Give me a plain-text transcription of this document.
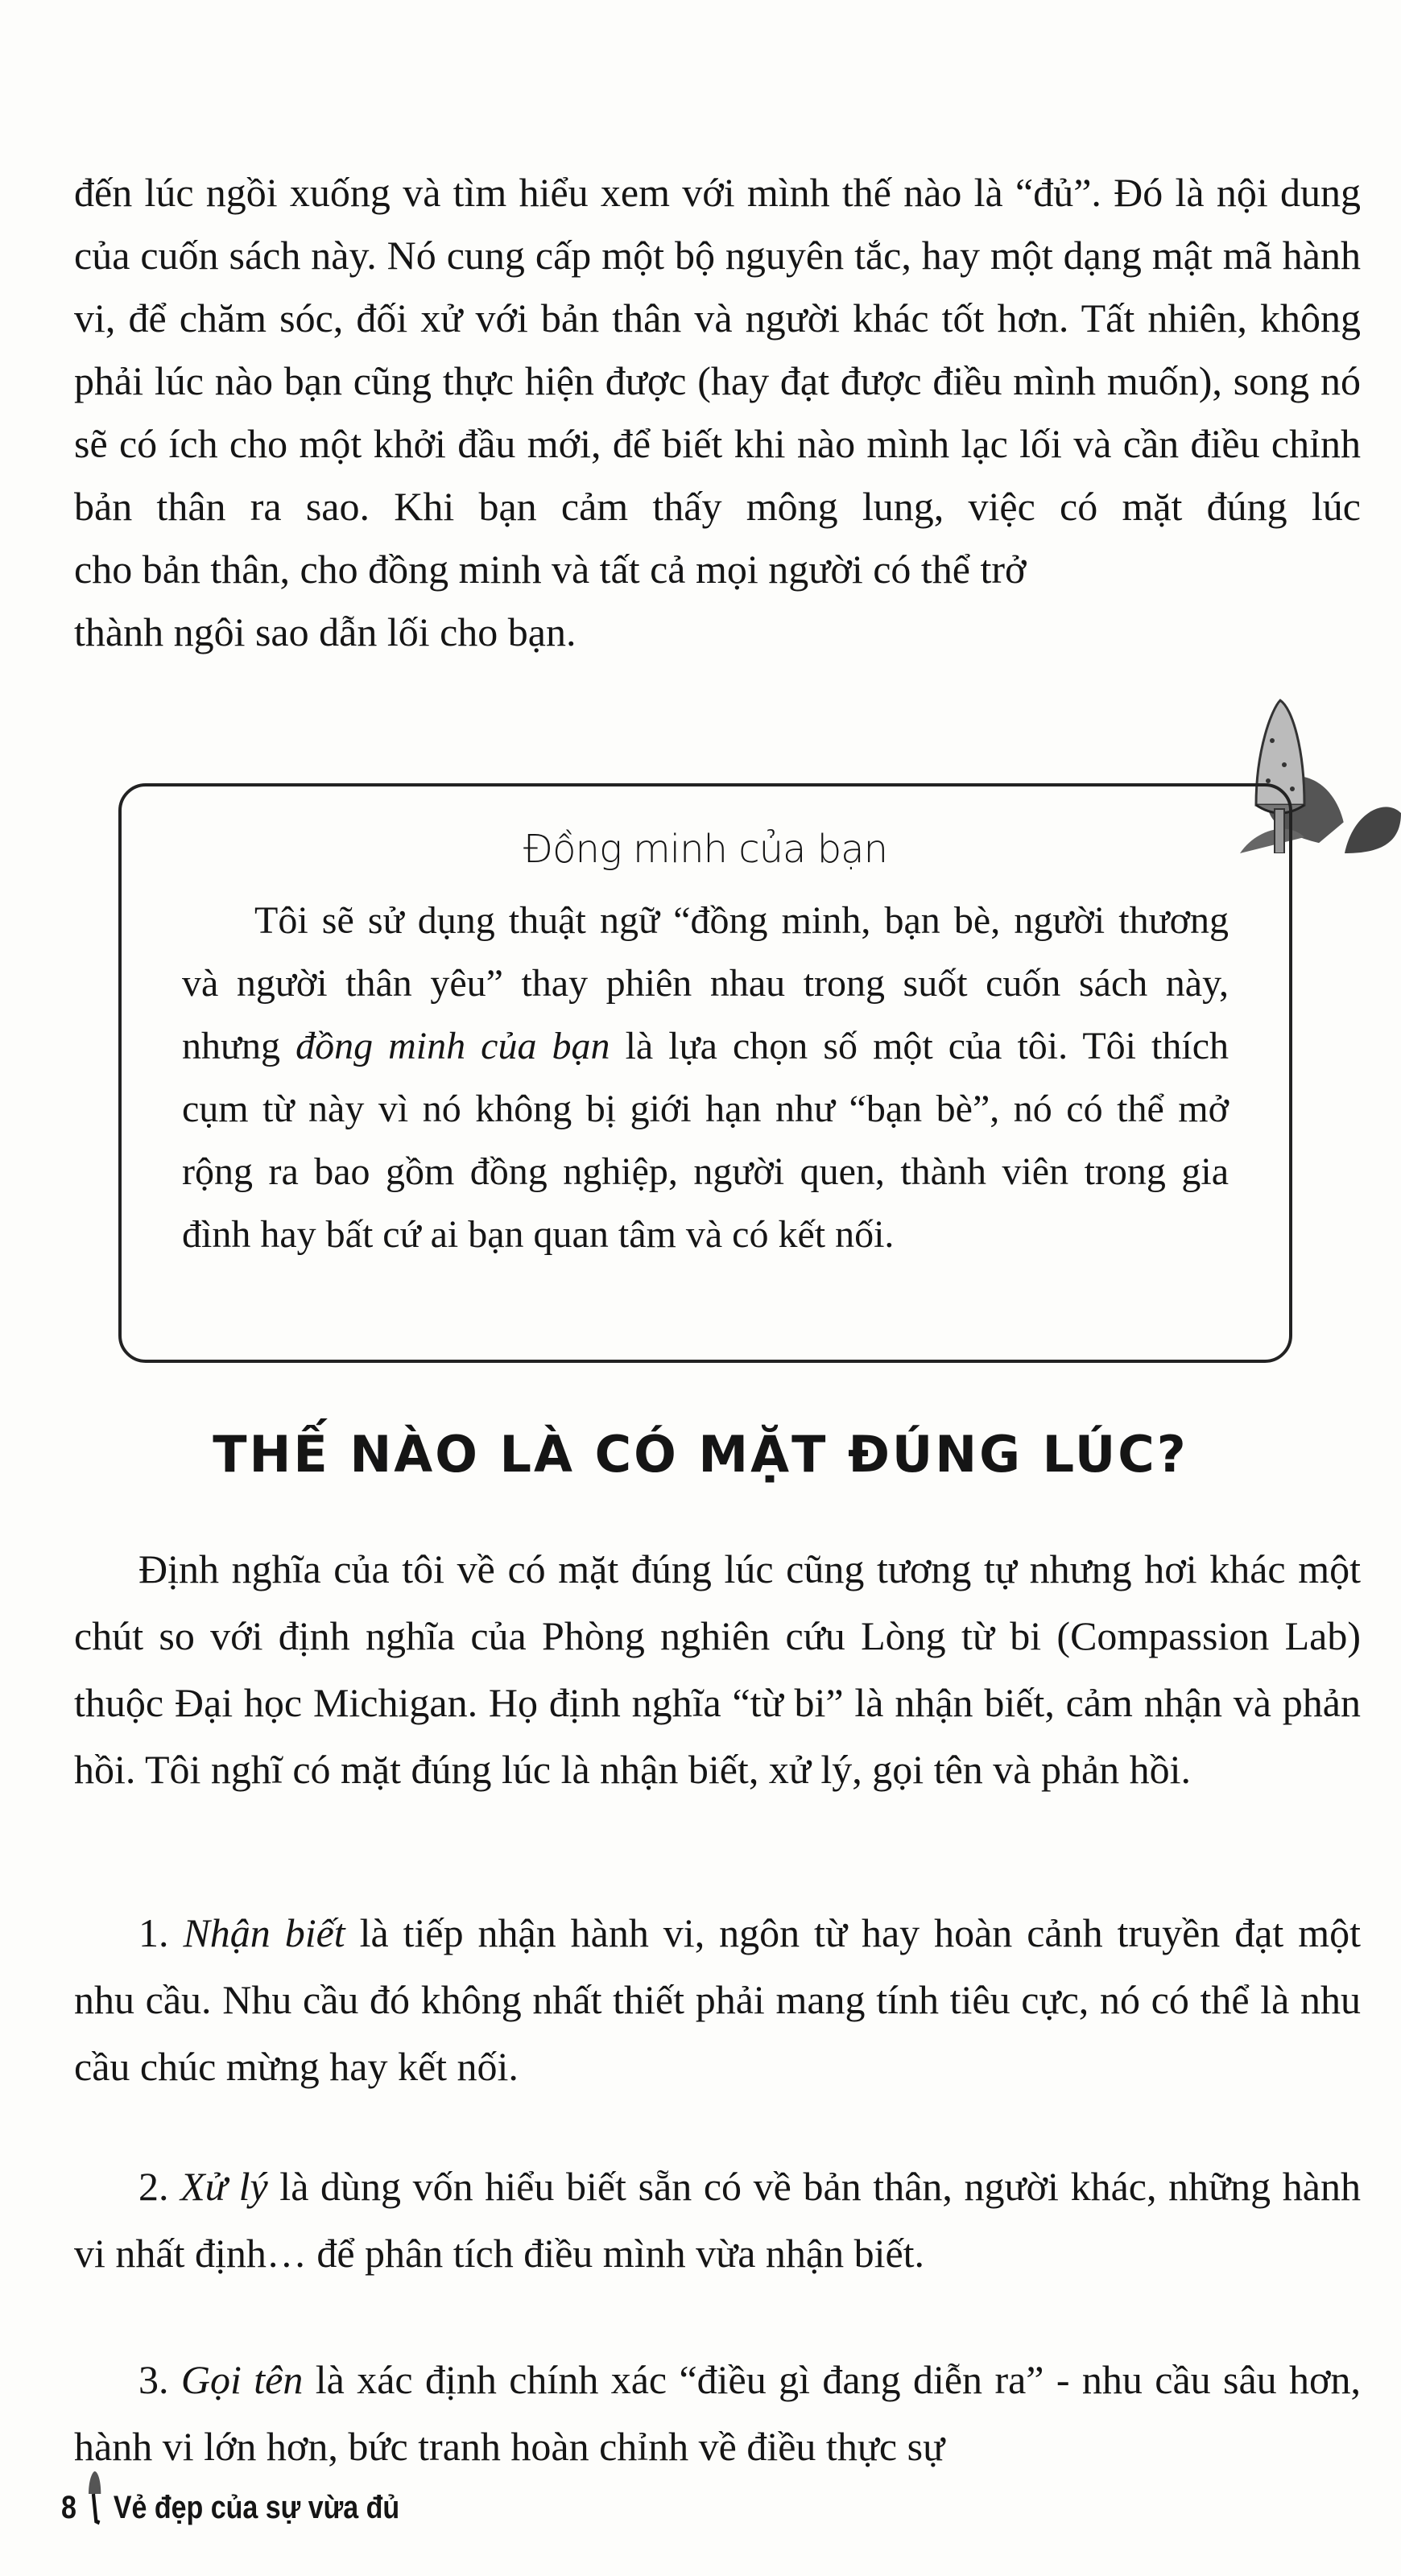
đến lúc ngồi xuống và tìm hiểu xem với mình thế nào là “đủ”. Đó là nội dung của cuốn sách này. Nó cung cấp một bộ nguyên tắc, hay một dạng mật mã hành vi, để chăm sóc, đối xử với bản thân và người khác tốt hơn. Tất nhiên, không phải lúc nào bạn cũng thực hiện được (hay đạt được điều mình muốn), song nó sẽ có ích cho một khởi đầu mới, để biết khi nào mình lạc lối và cần điều chỉnh bản thân ra sao. Khi bạn cảm thấy mông lung, việc có mặt đúng lúc
cho bản thân, cho đồng minh và tất cả mọi người có thể trở
thành ngôi sao dẫn lối cho bạn.
Đồng minh của bạn

Tôi sẽ sử dụng thuật ngữ “đồng minh, bạn bè, người thương và người thân yêu” thay phiên nhau trong suốt cuốn sách này, nhưng đồng minh của bạn là lựa chọn số một của tôi. Tôi thích cụm từ này vì nó không bị giới hạn như “bạn bè”, nó có thể mở rộng ra bao gồm đồng nghiệp, người quen, thành viên trong gia đình hay bất cứ ai bạn quan tâm và có kết nối.

THẾ NÀO LÀ CÓ MẶT ĐÚNG LÚC?

Định nghĩa của tôi về có mặt đúng lúc cũng tương tự nhưng hơi khác một chút so với định nghĩa của Phòng nghiên cứu Lòng từ bi (Compassion Lab) thuộc Đại học Michigan. Họ định nghĩa “từ bi” là nhận biết, cảm nhận và phản hồi. Tôi nghĩ có mặt đúng lúc là nhận biết, xử lý, gọi tên và phản hồi.

1. Nhận biết là tiếp nhận hành vi, ngôn từ hay hoàn cảnh truyền đạt một nhu cầu. Nhu cầu đó không nhất thiết phải mang tính tiêu cực, nó có thể là nhu cầu chúc mừng hay kết nối.

2. Xử lý là dùng vốn hiểu biết sẵn có về bản thân, người khác, những hành vi nhất định… để phân tích điều mình vừa nhận biết.

3. Gọi tên là xác định chính xác “điều gì đang diễn ra” - nhu cầu sâu hơn, hành vi lớn hơn, bức tranh hoàn chỉnh về điều thực sự

8 Vẻ đẹp của sự vừa đủ
